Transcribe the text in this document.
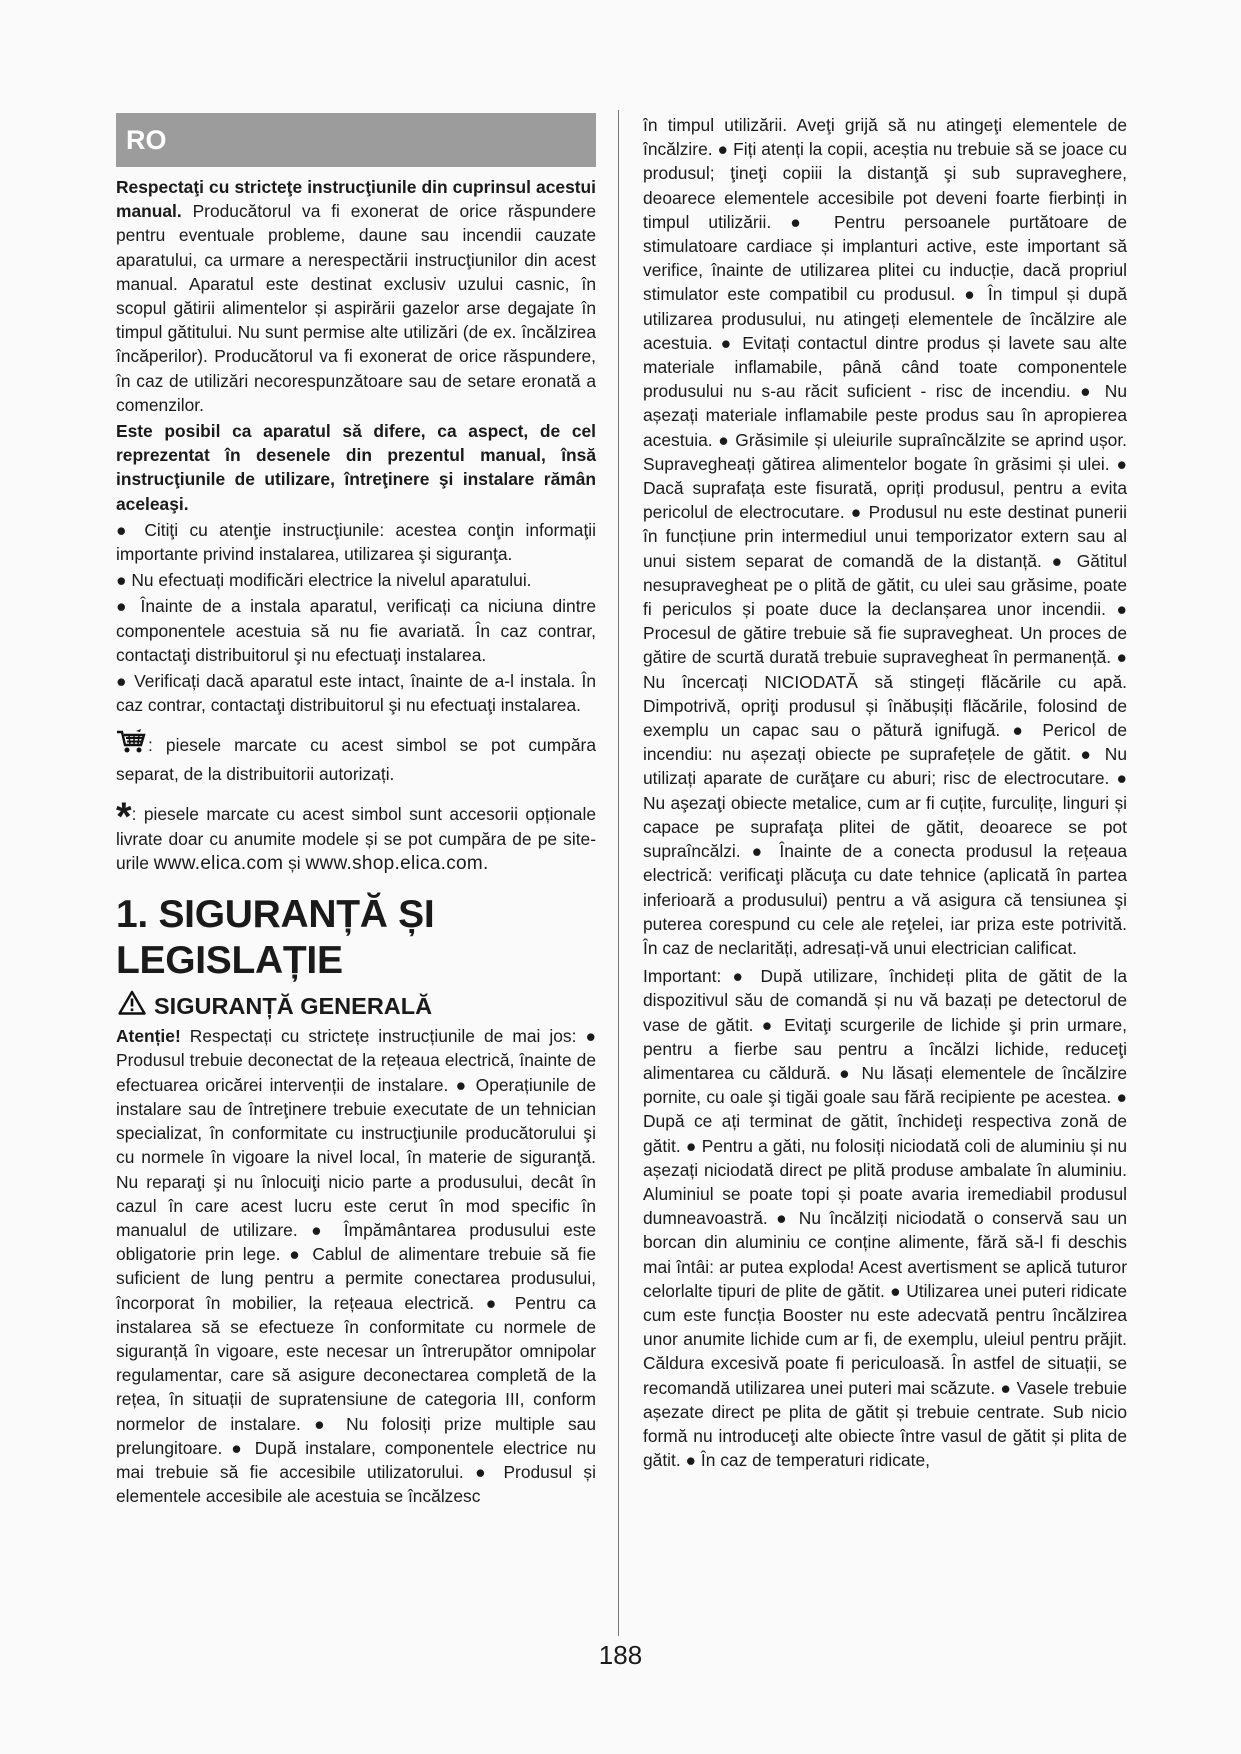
RO

Respectaţi cu stricteţe instrucţiunile din cuprinsul acestui manual. Producătorul va fi exonerat de orice răspundere pentru eventuale probleme, daune sau incendii cauzate aparatului, ca urmare a nerespectării instrucţiunilor din acest manual. Aparatul este destinat exclusiv uzului casnic, în scopul gătirii alimentelor și aspirării gazelor arse degajate în timpul gătitului. Nu sunt permise alte utilizări (de ex. încălzirea încăperilor). Producătorul va fi exonerat de orice răspundere, în caz de utilizări necorespunzătoare sau de setare eronată a comenzilor.

Este posibil ca aparatul să difere, ca aspect, de cel reprezentat în desenele din prezentul manual, însă instrucţiunile de utilizare, întreţinere şi instalare rămân aceleaşi.

● Citiţi cu atenţie instrucţiunile: acestea conţin informaţii importante privind instalarea, utilizarea şi siguranţa.

● Nu efectuați modificări electrice la nivelul aparatului.

● Înainte de a instala aparatul, verificați ca niciuna dintre componentele acestuia să nu fie avariată. În caz contrar, contactaţi distribuitorul şi nu efectuaţi instalarea.

● Verificați dacă aparatul este intact, înainte de a-l instala. În caz contrar, contactaţi distribuitorul şi nu efectuaţi instalarea.

: piesele marcate cu acest simbol se pot cumpăra separat, de la distribuitorii autorizați.

*: piesele marcate cu acest simbol sunt accesorii opționale livrate doar cu anumite modele și se pot cumpăra de pe site-urile www.elica.com și www.shop.elica.com.

1. SIGURANȚĂ ȘI LEGISLAȚIE
SIGURANȚĂ GENERALĂ

Atenție! Respectați cu strictețe instrucțiunile de mai jos: ● Produsul trebuie deconectat de la rețeaua electrică, înainte de efectuarea oricărei intervenții de instalare. ● Operațiunile de instalare sau de întreţinere trebuie executate de un tehnician specializat, în conformitate cu instrucţiunile producătorului şi cu normele în vigoare la nivel local, în materie de siguranţă. Nu reparaţi şi nu înlocuiţi nicio parte a produsului, decât în cazul în care acest lucru este cerut în mod specific în manualul de utilizare. ● Împământarea produsului este obligatorie prin lege. ● Cablul de alimentare trebuie să fie suficient de lung pentru a permite conectarea produsului, încorporat în mobilier, la rețeaua electrică. ● Pentru ca instalarea să se efectueze în conformitate cu normele de siguranță în vigoare, este necesar un întrerupător omnipolar regulamentar, care să asigure deconectarea completă de la rețea, în situații de supratensiune de categoria III, conform normelor de instalare. ● Nu folosiți prize multiple sau prelungitoare. ● După instalare, componentele electrice nu mai trebuie să fie accesibile utilizatorului. ● Produsul și elementele accesibile ale acestuia se încălzesc

în timpul utilizării. Aveţi grijă să nu atingeţi elementele de încălzire. ● Fiți atenți la copii, aceștia nu trebuie să se joace cu produsul; ţineţi copiii la distanţă şi sub supraveghere, deoarece elementele accesibile pot deveni foarte fierbinți in timpul utilizării. ● Pentru persoanele purtătoare de stimulatoare cardiace și implanturi active, este important să verifice, înainte de utilizarea plitei cu inducție, dacă propriul stimulator este compatibil cu produsul. ● În timpul și după utilizarea produsului, nu atingeți elementele de încălzire ale acestuia. ● Evitați contactul dintre produs și lavete sau alte materiale inflamabile, până când toate componentele produsului nu s-au răcit suficient - risc de incendiu. ● Nu așezați materiale inflamabile peste produs sau în apropierea acestuia. ● Grăsimile și uleiurile supraîncălzite se aprind ușor. Supravegheați gătirea alimentelor bogate în grăsimi și ulei. ● Dacă suprafața este fisurată, opriți produsul, pentru a evita pericolul de electrocutare. ● Produsul nu este destinat punerii în funcțiune prin intermediul unui temporizator extern sau al unui sistem separat de comandă de la distanță. ● Gătitul nesupravegheat pe o plită de gătit, cu ulei sau grăsime, poate fi periculos și poate duce la declanșarea unor incendii. ● Procesul de gătire trebuie să fie supravegheat. Un proces de gătire de scurtă durată trebuie supravegheat în permanență. ● Nu încercați NICIODATĂ să stingeți flăcările cu apă. Dimpotrivă, opriţi produsul și înăbușiți flăcările, folosind de exemplu un capac sau o pătură ignifugă. ● Pericol de incendiu: nu așezați obiecte pe suprafețele de gătit. ● Nu utilizați aparate de curăţare cu aburi; risc de electrocutare. ● Nu aşezaţi obiecte metalice, cum ar fi cuțite, furculițe, linguri și capace pe suprafaţa plitei de gătit, deoarece se pot supraîncălzi. ● Înainte de a conecta produsul la rețeaua electrică: verificaţi plăcuţa cu date tehnice (aplicată în partea inferioară a produsului) pentru a vă asigura că tensiunea şi puterea corespund cu cele ale reţelei, iar priza este potrivită. În caz de neclarități, adresați-vă unui electrician calificat.

Important: ● După utilizare, închideți plita de gătit de la dispozitivul său de comandă și nu vă bazați pe detectorul de vase de gătit. ● Evitaţi scurgerile de lichide şi prin urmare, pentru a fierbe sau pentru a încălzi lichide, reduceţi alimentarea cu căldură. ● Nu lăsați elementele de încălzire pornite, cu oale şi tigăi goale sau fără recipiente pe acestea. ● După ce ați terminat de gătit, închideţi respectiva zonă de gătit. ● Pentru a găti, nu folosiți niciodată coli de aluminiu și nu așezați niciodată direct pe plită produse ambalate în aluminiu. Aluminiul se poate topi și poate avaria iremediabil produsul dumneavoastră. ● Nu încălziți niciodată o conservă sau un borcan din aluminiu ce conține alimente, fără să-l fi deschis mai întâi: ar putea exploda! Acest avertisment se aplică tuturor celorlalte tipuri de plite de gătit. ● Utilizarea unei puteri ridicate cum este funcția Booster nu este adecvată pentru încălzirea unor anumite lichide cum ar fi, de exemplu, uleiul pentru prăjit. Căldura excesivă poate fi periculoasă. În astfel de situații, se recomandă utilizarea unei puteri mai scăzute. ● Vasele trebuie așezate direct pe plita de gătit și trebuie centrate. Sub nicio formă nu introduceţi alte obiecte între vasul de gătit și plita de gătit. ● În caz de temperaturi ridicate,

188
